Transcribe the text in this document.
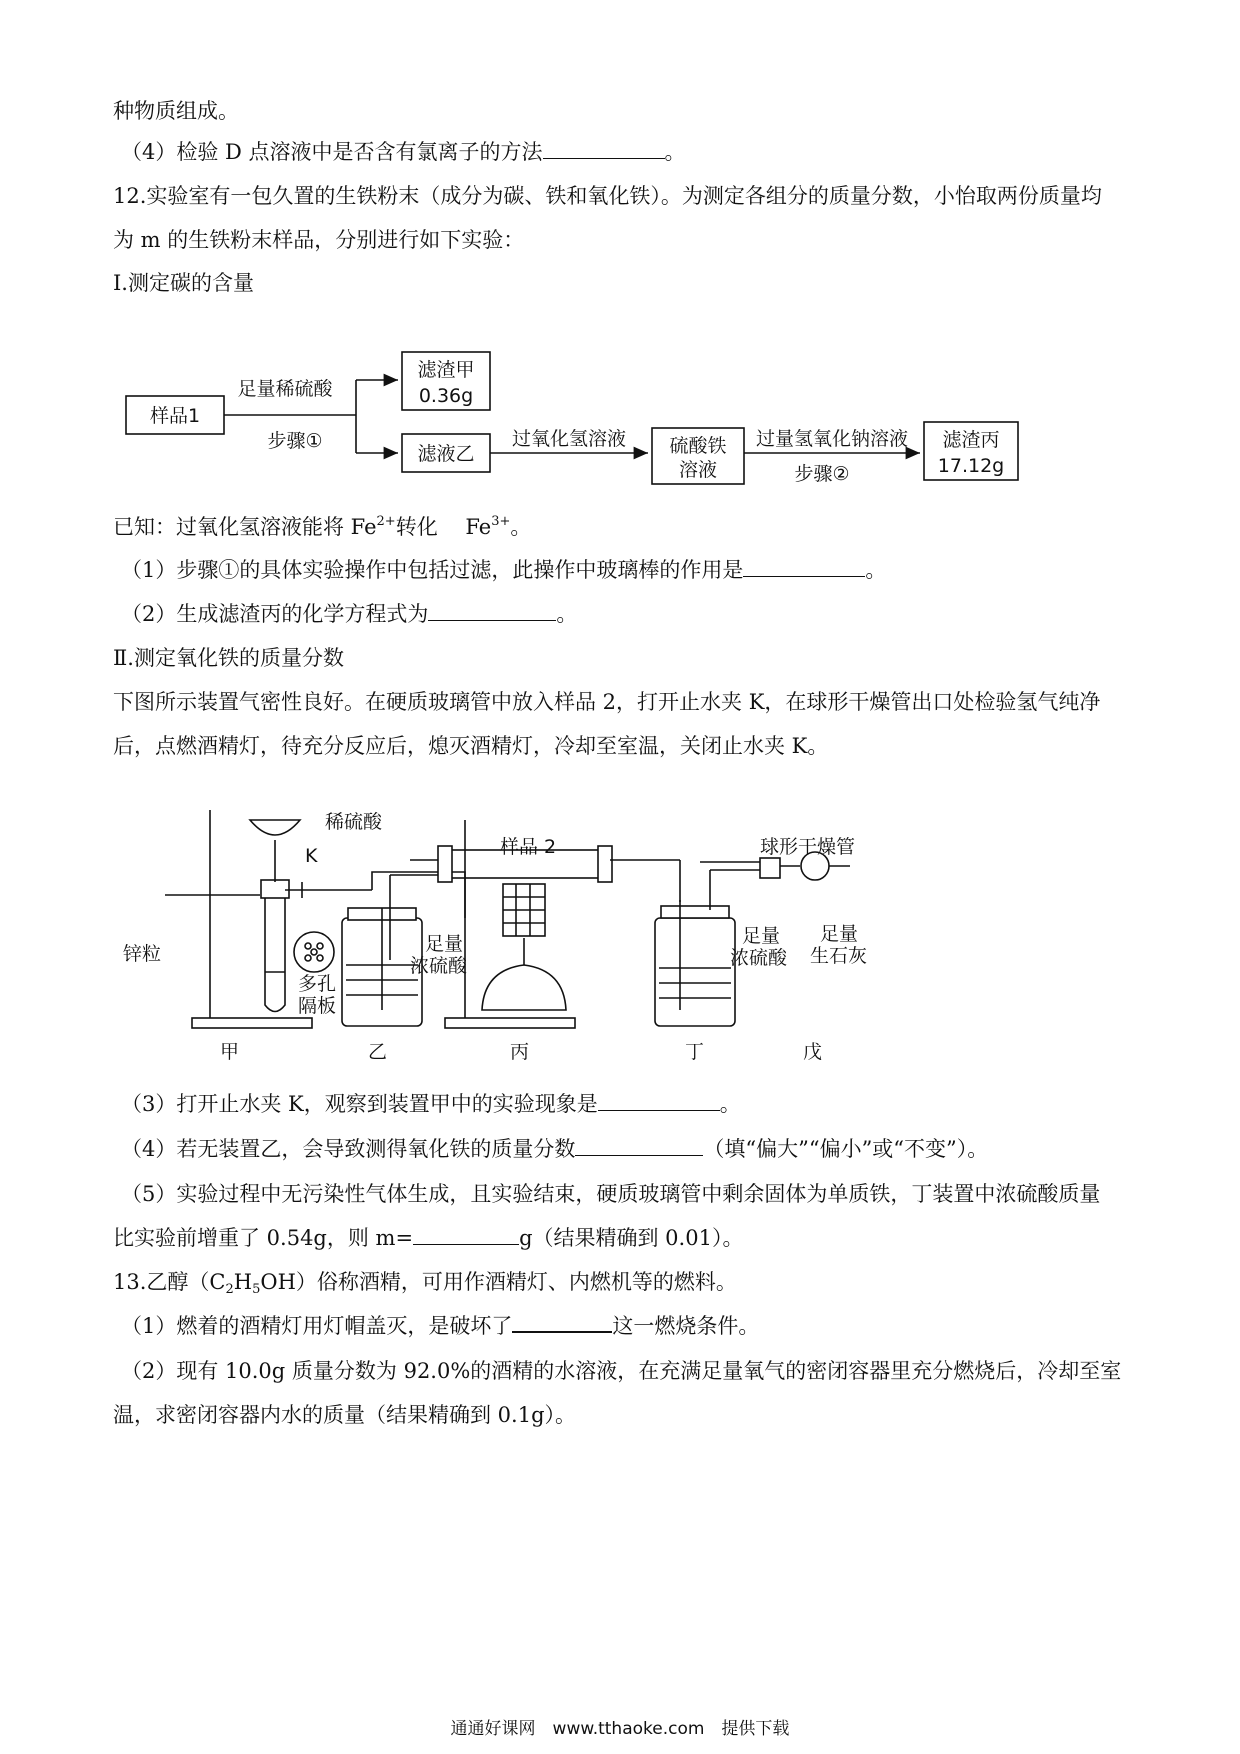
种物质组成。
（4）检验 D 点溶液中是否含有氯离子的方法	。
12.实验室有一包久置的生铁粉末（成分为碳、铁和氧化铁）。为测定各组分的质量分数，小怡取两份质量均
为 m 的生铁粉末样品，分别进行如下实验：
Ⅰ.测定碳的含量
样品1
足量稀硫酸
步骤①
滤渣甲
0.36g
滤液乙
过氧化氢溶液 硫酸铁
溶液
过量氢氧化钠溶液
步骤②
滤渣丙
17.12g
已知：过氧化氢溶液能将 $Fe^{2+}$转化　 $Fe^{3+}$。
（1）步骤①的具体实验操作中包括过滤，此操作中玻璃棒的作用是	。
（2）生成滤渣丙的化学方程式为	。
Ⅱ.测定氧化铁的质量分数
下图所示装置气密性良好。在硬质玻璃管中放入样品 2，打开止水夹 K，在球形干燥管出口处检验氢气纯净
后，点燃酒精灯，待充分反应后，熄灭酒精灯，冷却至室温，关闭止水夹 K。
稀硫酸
K	样品 2	球形干燥管
锌粒
多孔
隔板
足量
浓硫酸
足量
浓硫酸
足量
生石灰
甲	乙	丙	丁	戊
（3）打开止水夹 K，观察到装置甲中的实验现象是	。
（4）若无装置乙，会导致测得氧化铁的质量分数	（填“偏大”“偏小”或“不变”）。
（5）实验过程中无污染性气体生成，且实验结束，硬质玻璃管中剩余固体为单质铁，丁装置中浓硫酸质量
比实验前增重了 0.54g，则 m=	g（结果精确到 0.01）。
13.乙醇$(C_2H_5OH)$俗称酒精，可用作酒精灯、内燃机等的燃料。
（1）燃着的酒精灯用灯帽盖灭，是破坏了	这一燃烧条件。
（2）现有 10.0g 质量分数为 92.0%的酒精的水溶液，在充满足量氧气的密闭容器里充分燃烧后，冷却至室
温，求密闭容器内水的质量（结果精确到 0.1g）。
通通好课网　www.tthaoke.com　提供下载
